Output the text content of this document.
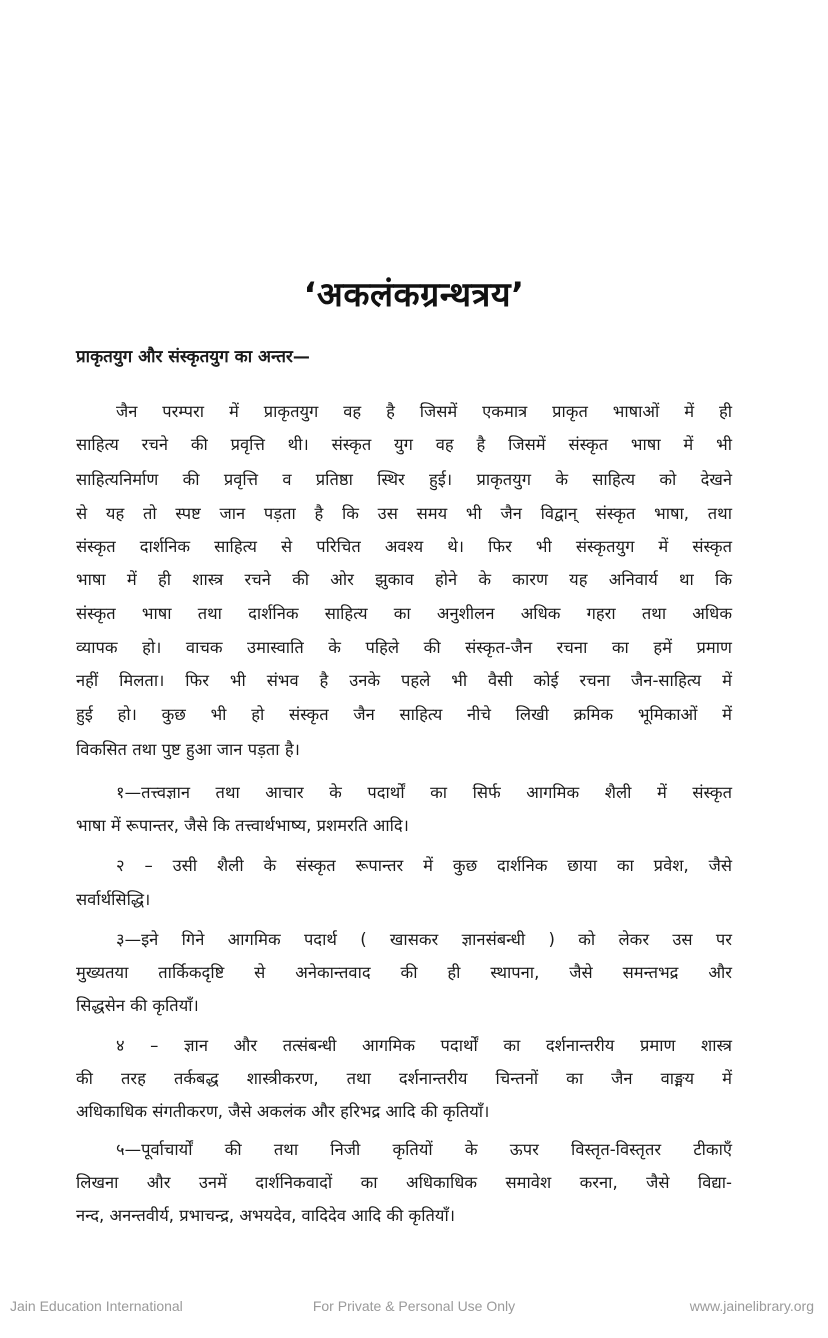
‘अकलंकग्रन्थत्रय’
प्राकृतयुग और संस्कृतयुग का अन्तर—
जैन परम्परा में प्राकृतयुग वह है जिसमें एकमात्र प्राकृत भाषाओं में ही
साहित्य रचने की प्रवृत्ति थी। संस्कृत युग वह है जिसमें संस्कृत भाषा में भी
साहित्यनिर्माण की प्रवृत्ति व प्रतिष्ठा स्थिर हुई। प्राकृतयुग के साहित्य को देखने
से यह तो स्पष्ट जान पड़ता है कि उस समय भी जैन विद्वान् संस्कृत भाषा, तथा
संस्कृत दार्शनिक साहित्य से परिचित अवश्य थे। फिर भी संस्कृतयुग में संस्कृत
भाषा में ही शास्त्र रचने की ओर झुकाव होने के कारण यह अनिवार्य था कि
संस्कृत भाषा तथा दार्शनिक साहित्य का अनुशीलन अधिक गहरा तथा अधिक
व्यापक हो। वाचक उमास्वाति के पहिले की संस्कृत-जैन रचना का हमें प्रमाण
नहीं मिलता। फिर भी संभव है उनके पहले भी वैसी कोई रचना जैन-साहित्य में
हुई हो। कुछ भी हो संस्कृत जैन साहित्य नीचे लिखी क्रमिक भूमिकाओं में
विकसित तथा पुष्ट हुआ जान पड़ता है।
१—तत्त्वज्ञान तथा आचार के पदार्थों का सिर्फ आगमिक शैली में संस्कृत
भाषा में रूपान्तर, जैसे कि तत्त्वार्थभाष्य, प्रशमरति आदि।
२ – उसी शैली के संस्कृत रूपान्तर में कुछ दार्शनिक छाया का प्रवेश, जैसे
सर्वार्थसिद्धि।
३—इने गिने आगमिक पदार्थ ( खासकर ज्ञानसंबन्धी ) को लेकर उस पर
मुख्यतया तार्किकदृष्टि से अनेकान्तवाद की ही स्थापना, जैसे समन्तभद्र और
सिद्धसेन की कृतियाँ।
४ – ज्ञान और तत्संबन्धी आगमिक पदार्थों का दर्शनान्तरीय प्रमाण शास्त्र
की तरह तर्कबद्ध शास्त्रीकरण, तथा दर्शनान्तरीय चिन्तनों का जैन वाङ्मय में
अधिकाधिक संगतीकरण, जैसे अकलंक और हरिभद्र आदि की कृतियाँ।
५—पूर्वाचार्यों की तथा निजी कृतियों के ऊपर विस्तृत-विस्तृतर टीकाएँ
लिखना और उनमें दार्शनिकवादों का अधिकाधिक समावेश करना, जैसे विद्या-
नन्द, अनन्तवीर्य, प्रभाचन्द्र, अभयदेव, वादिदेव आदि की कृतियाँ।
Jain Education International	For Private & Personal Use Only	www.jainelibrary.org
